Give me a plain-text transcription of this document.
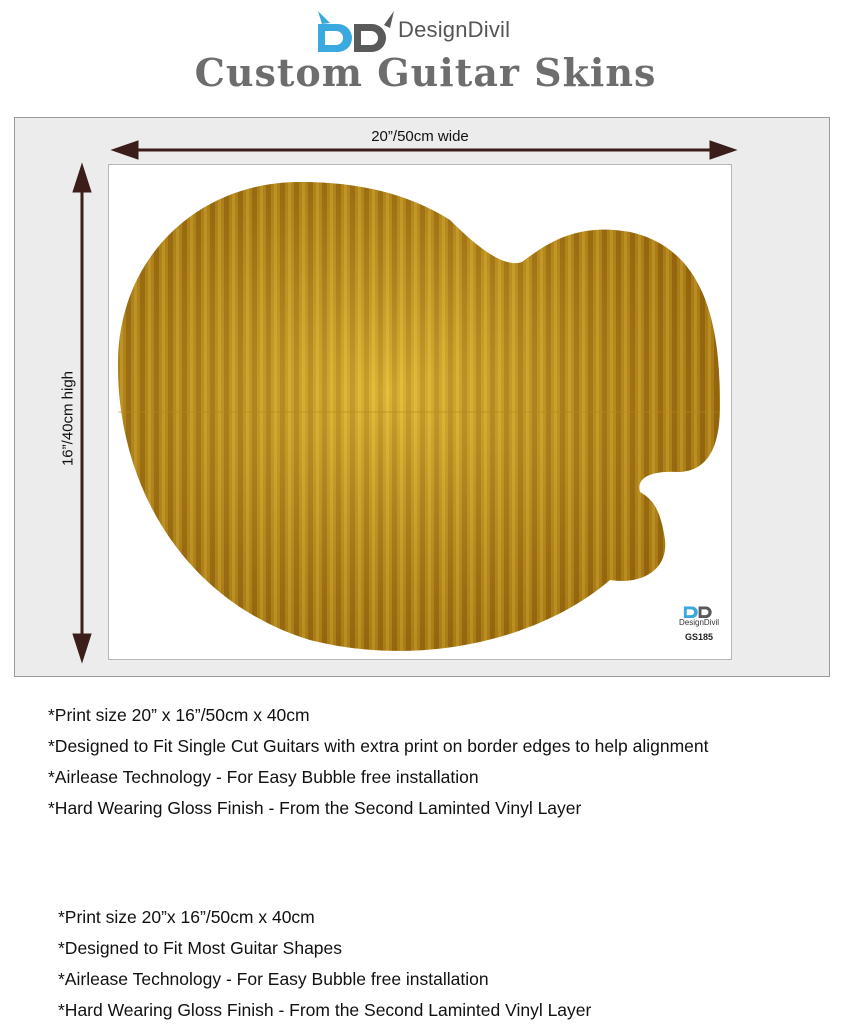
DesignDivil
Custom Guitar Skins
20”/50cm wide
16”/40cm high
DesignDivil
GS185
*Print size 20” x 16”/50cm x 40cm
*Designed to Fit Single Cut Guitars with extra print on border edges to help alignment
*Airlease Technology - For Easy Bubble free installation
*Hard Wearing Gloss Finish - From the Second Laminted Vinyl Layer
*Print size 20”x 16”/50cm x 40cm
*Designed to Fit Most Guitar Shapes
*Airlease Technology - For Easy Bubble free installation
*Hard Wearing Gloss Finish - From the Second Laminted Vinyl Layer
